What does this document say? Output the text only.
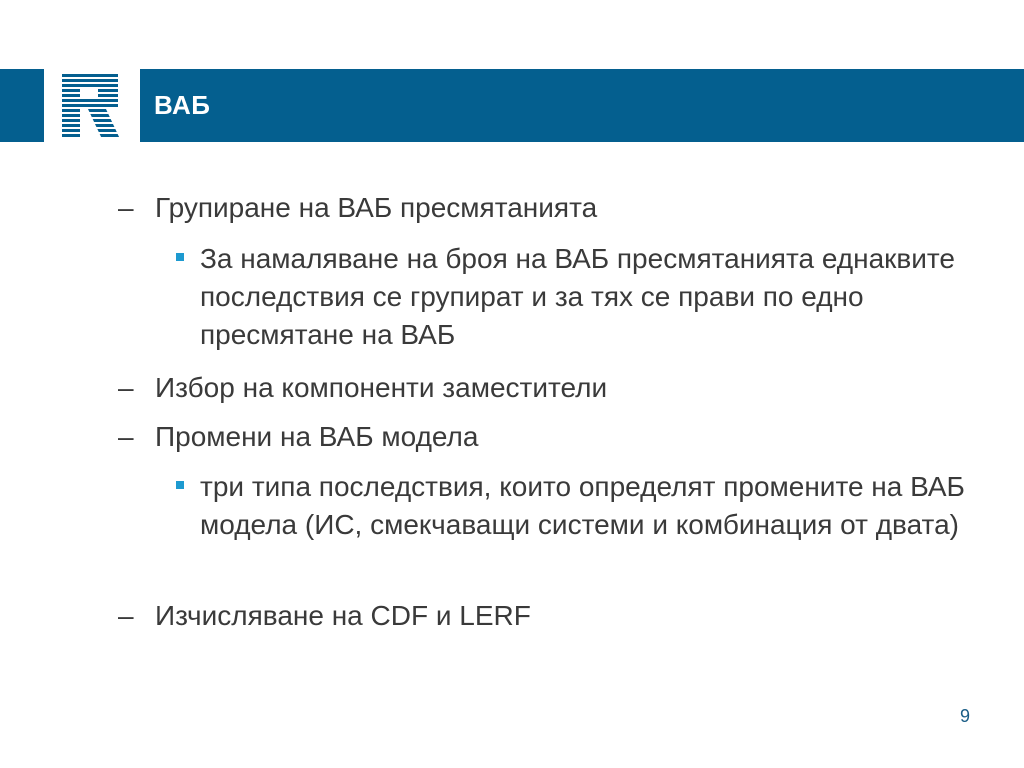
ВАБ
– Групиране на ВАБ пресмятанията
За намаляване на броя на ВАБ пресмятанията еднаквите последствия се групират и за тях се прави по едно пресмятане на ВАБ
– Избор на компоненти заместители
– Промени на ВАБ модела
три типа последствия, които определят промените на ВАБ модела (ИС, смекчаващи системи и комбинация от двата)
– Изчисляване на CDF и LERF
9
